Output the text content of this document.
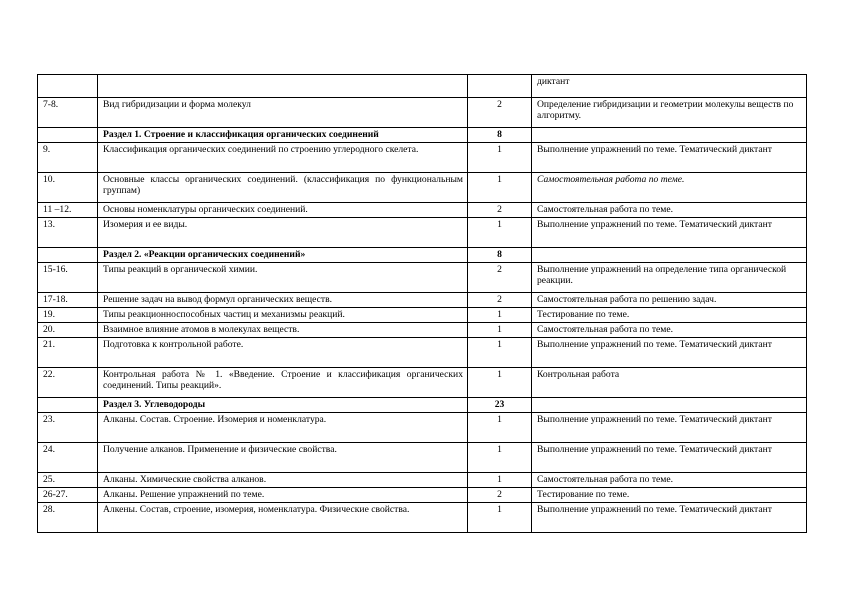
			диктант
7-8.	Вид гибридизации и форма молекул	2	Определение гибридизации и геометрии молекулы веществ по алгоритму.
	Раздел 1. Строение и классификация органических соединений	8	
9.	Классификация органических соединений по строению углеродного скелета.	1	Выполнение упражнений по теме. Тематический диктант
10.	Основные классы органических соединений. (классификация по функциональным группам)	1	Самостоятельная работа по теме.
11 –12.	Основы номенклатуры органических соединений.	2	Самостоятельная работа по теме.
13.	Изомерия и ее виды.	1	Выполнение упражнений по теме. Тематический диктант
	Раздел 2. «Реакции органических соединений»	8	
15-16.	Типы реакций в органической химии.	2	Выполнение упражнений на определение типа органической реакции.
17-18.	Решение задач на вывод формул органических веществ.	2	Самостоятельная работа по решению задач.
19.	Типы реакционноспособных частиц и механизмы реакций.	1	Тестирование по теме.
20.	Взаимное влияние атомов в молекулах веществ.	1	Самостоятельная работа по теме.
21.	Подготовка к контрольной работе.	1	Выполнение упражнений по теме. Тематический диктант
22.	Контрольная работа № 1. «Введение. Строение и классификация органических соединений. Типы реакций».	1	Контрольная работа
	Раздел 3. Углеводороды	23	
23.	Алканы. Состав. Строение. Изомерия и номенклатура.	1	Выполнение упражнений по теме. Тематический диктант
24.	Получение алканов. Применение и физические свойства.	1	Выполнение упражнений по теме. Тематический диктант
25.	Алканы. Химические свойства алканов.	1	Самостоятельная работа по теме.
26-27.	Алканы. Решение упражнений по теме.	2	Тестирование по теме.
28.	Алкены. Состав, строение, изомерия, номенклатура. Физические свойства.	1	Выполнение упражнений по теме. Тематический диктант
